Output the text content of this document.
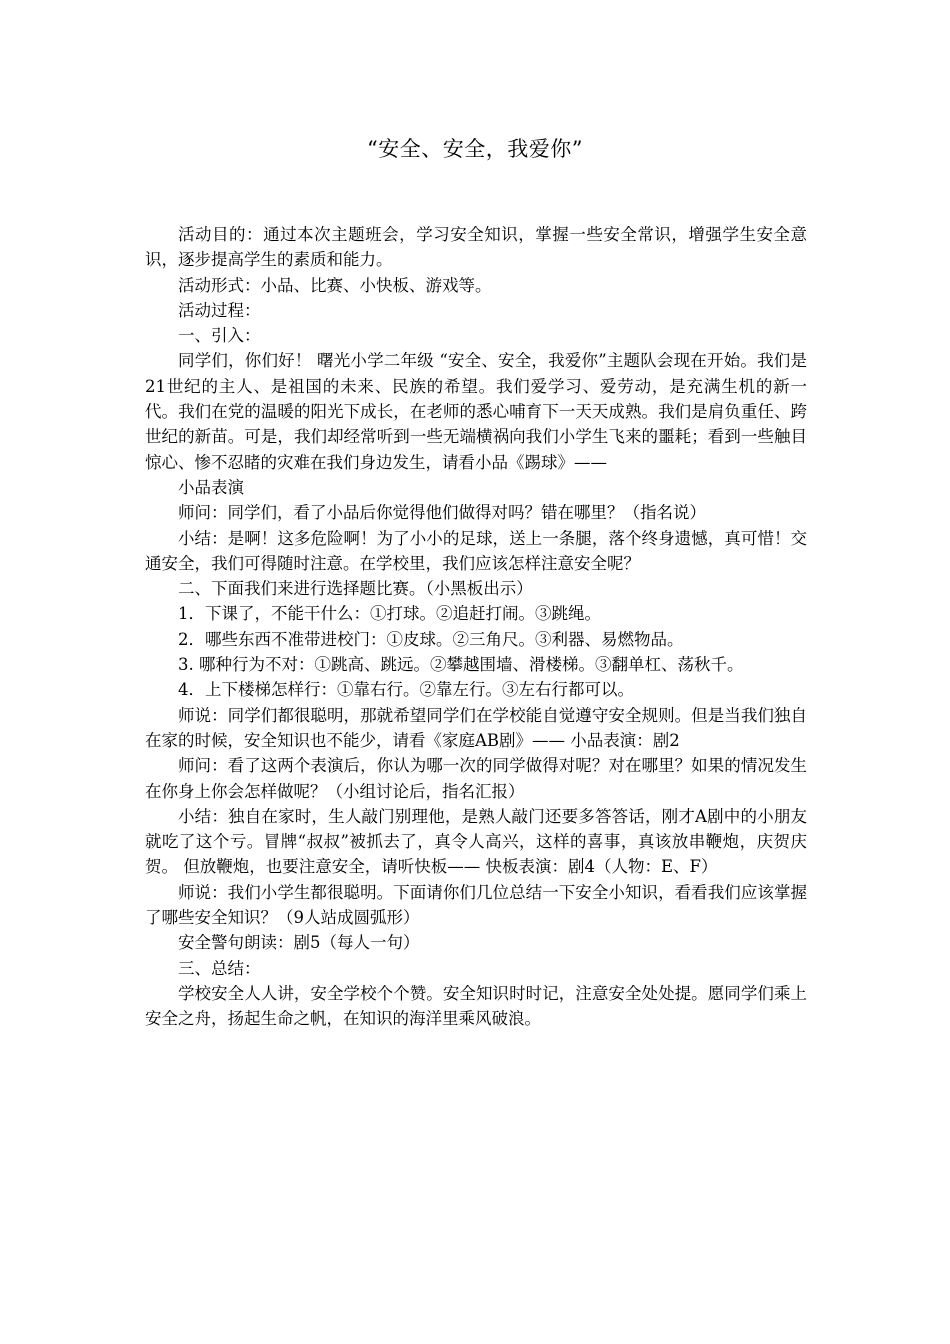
“安全、安全，我爱你”

活动目的：通过本次主题班会，学习安全知识，掌握一些安全常识，增强学生安全意识，逐步提高学生的素质和能力。

活动形式：小品、比赛、小快板、游戏等。

活动过程：

一、引入：

同学们，你们好！ 曙光小学二年级 “安全、安全，我爱你”主题队会现在开始。我们是21世纪的主人、是祖国的未来、民族的希望。我们爱学习、爱劳动，是充满生机的新一代。我们在党的温暖的阳光下成长，在老师的悉心哺育下一天天成熟。我们是肩负重任、跨世纪的新苗。可是，我们却经常听到一些无端横祸向我们小学生飞来的噩耗；看到一些触目惊心、惨不忍睹的灾难在我们身边发生，请看小品《踢球》——

小品表演

师问：同学们，看了小品后你觉得他们做得对吗？错在哪里？（指名说）

小结：是啊！这多危险啊！为了小小的足球，送上一条腿，落个终身遗憾，真可惜！交通安全，我们可得随时注意。在学校里，我们应该怎样注意安全呢？

二、下面我们来进行选择题比赛。（小黑板出示）

1．下课了，不能干什么：①打球。②追赶打闹。③跳绳。

2．哪些东西不准带进校门：①皮球。②三角尺。③利器、易燃物品。

3. 哪种行为不对：①跳高、跳远。②攀越围墙、滑楼梯。③翻单杠、荡秋千。

4．上下楼梯怎样行：①靠右行。②靠左行。③左右行都可以。

师说：同学们都很聪明，那就希望同学们在学校能自觉遵守安全规则。但是当我们独自在家的时候，安全知识也不能少，请看《家庭AB剧》—— 小品表演：剧2

师问：看了这两个表演后，你认为哪一次的同学做得对呢？对在哪里？如果的情况发生在你身上你会怎样做呢？（小组讨论后，指名汇报）

小结：独自在家时，生人敲门别理他，是熟人敲门还要多答答话，刚才A剧中的小朋友就吃了这个亏。冒牌“叔叔”被抓去了，真令人高兴，这样的喜事，真该放串鞭炮，庆贺庆贺。 但放鞭炮，也要注意安全，请听快板—— 快板表演：剧4（人物：E、F）

师说：我们小学生都很聪明。下面请你们几位总结一下安全小知识，看看我们应该掌握了哪些安全知识？（9人站成圆弧形）

安全警句朗读：剧5（每人一句）

三、总结：

学校安全人人讲，安全学校个个赞。安全知识时时记，注意安全处处提。愿同学们乘上安全之舟，扬起生命之帆，在知识的海洋里乘风破浪。
